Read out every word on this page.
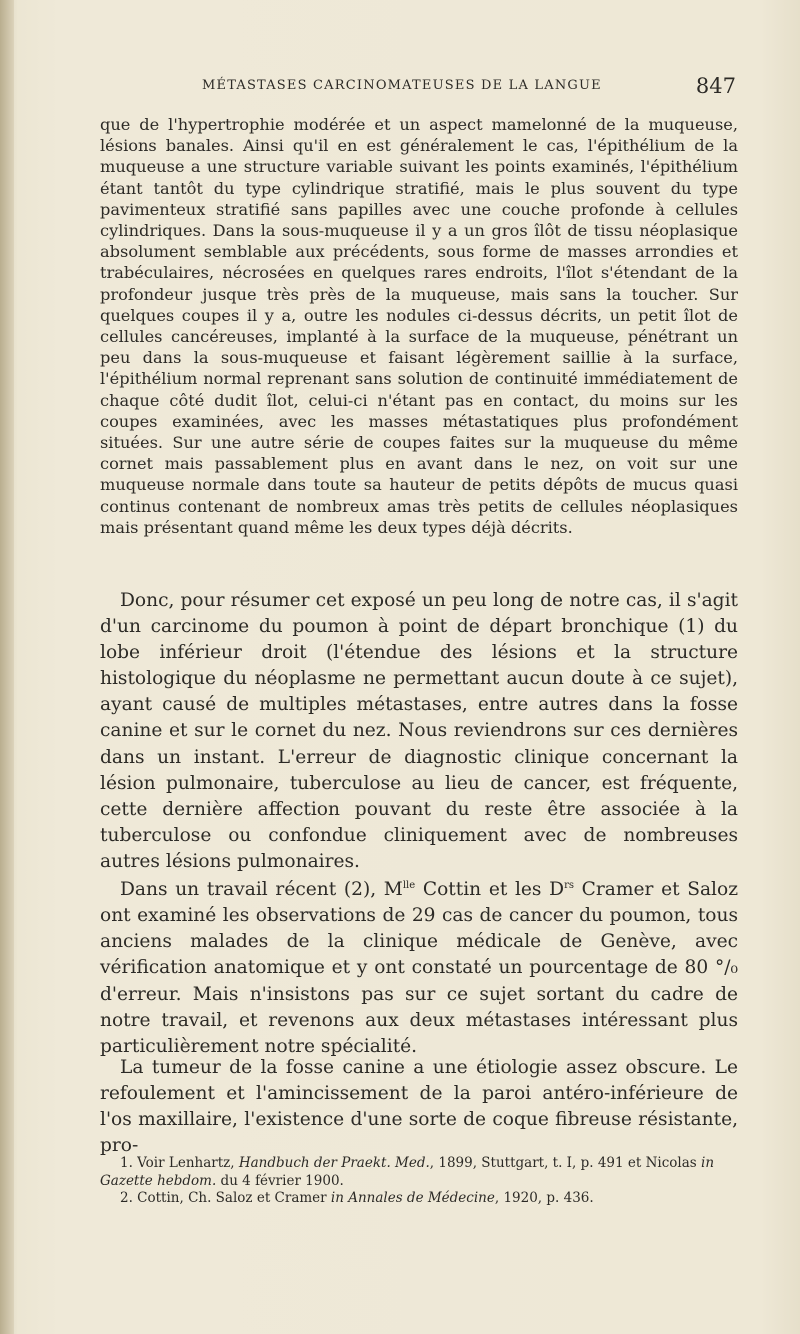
MÉTASTASES CARCINOMATEUSES DE LA LANGUE	847

que de l'hypertrophie modérée et un aspect mamelonné de la muqueuse, lésions banales. Ainsi qu'il en est généralement le cas, l'épithélium de la muqueuse a une structure variable suivant les points examinés, l'épithélium étant tantôt du type cylindrique stratifié, mais le plus souvent du type pavimenteux stratifié sans papilles avec une couche profonde à cellules cylindriques. Dans la sous-muqueuse il y a un gros îlôt de tissu néoplasique absolument semblable aux précédents, sous forme de masses arrondies et trabéculaires, nécrosées en quelques rares endroits, l'îlot s'étendant de la profondeur jusque très près de la muqueuse, mais sans la toucher. Sur quelques coupes il y a, outre les nodules ci-dessus décrits, un petit îlot de cellules cancéreuses, implanté à la surface de la muqueuse, pénétrant un peu dans la sous-muqueuse et faisant légèrement saillie à la surface, l'épithélium normal reprenant sans solution de continuité immédiatement de chaque côté dudit îlot, celui-ci n'étant pas en contact, du moins sur les coupes examinées, avec les masses métastatiques plus profondément situées. Sur une autre série de coupes faites sur la muqueuse du même cornet mais passablement plus en avant dans le nez, on voit sur une muqueuse normale dans toute sa hauteur de petits dépôts de mucus quasi continus contenant de nombreux amas très petits de cellules néoplasiques mais présentant quand même les deux types déjà décrits.

Donc, pour résumer cet exposé un peu long de notre cas, il s'agit d'un carcinome du poumon à point de départ bronchique (1) du lobe inférieur droit (l'étendue des lésions et la structure histologique du néoplasme ne permettant aucun doute à ce sujet), ayant causé de multiples métastases, entre autres dans la fosse canine et sur le cornet du nez. Nous reviendrons sur ces dernières dans un instant. L'erreur de diagnostic clinique concernant la lésion pulmonaire, tuberculose au lieu de cancer, est fréquente, cette dernière affection pouvant du reste être associée à la tuberculose ou confondue cliniquement avec de nombreuses autres lésions pulmonaires.

Dans un travail récent (2), $M^{lle}$ Cottin et les $D^{rs}$ Cramer et Saloz ont examiné les observations de 29 cas de cancer du poumon, tous anciens malades de la clinique médicale de Genève, avec vérification anatomique et y ont constaté un pourcentage de 80 °/₀ d'erreur. Mais n'insistons pas sur ce sujet sortant du cadre de notre travail, et revenons aux deux métastases intéressant plus particulièrement notre spécialité.

La tumeur de la fosse canine a une étiologie assez obscure. Le refoulement et l'amincissement de la paroi antéro-inférieure de l'os maxillaire, l'existence d'une sorte de coque fibreuse résistante, pro-

1. Voir Lenhartz, Handbuch der Praekt. Med., 1899, Stuttgart, t. I, p. 491 et Nicolas in Gazette hebdom. du 4 février 1900.

2. Cottin, Ch. Saloz et Cramer in Annales de Médecine, 1920, p. 436.
